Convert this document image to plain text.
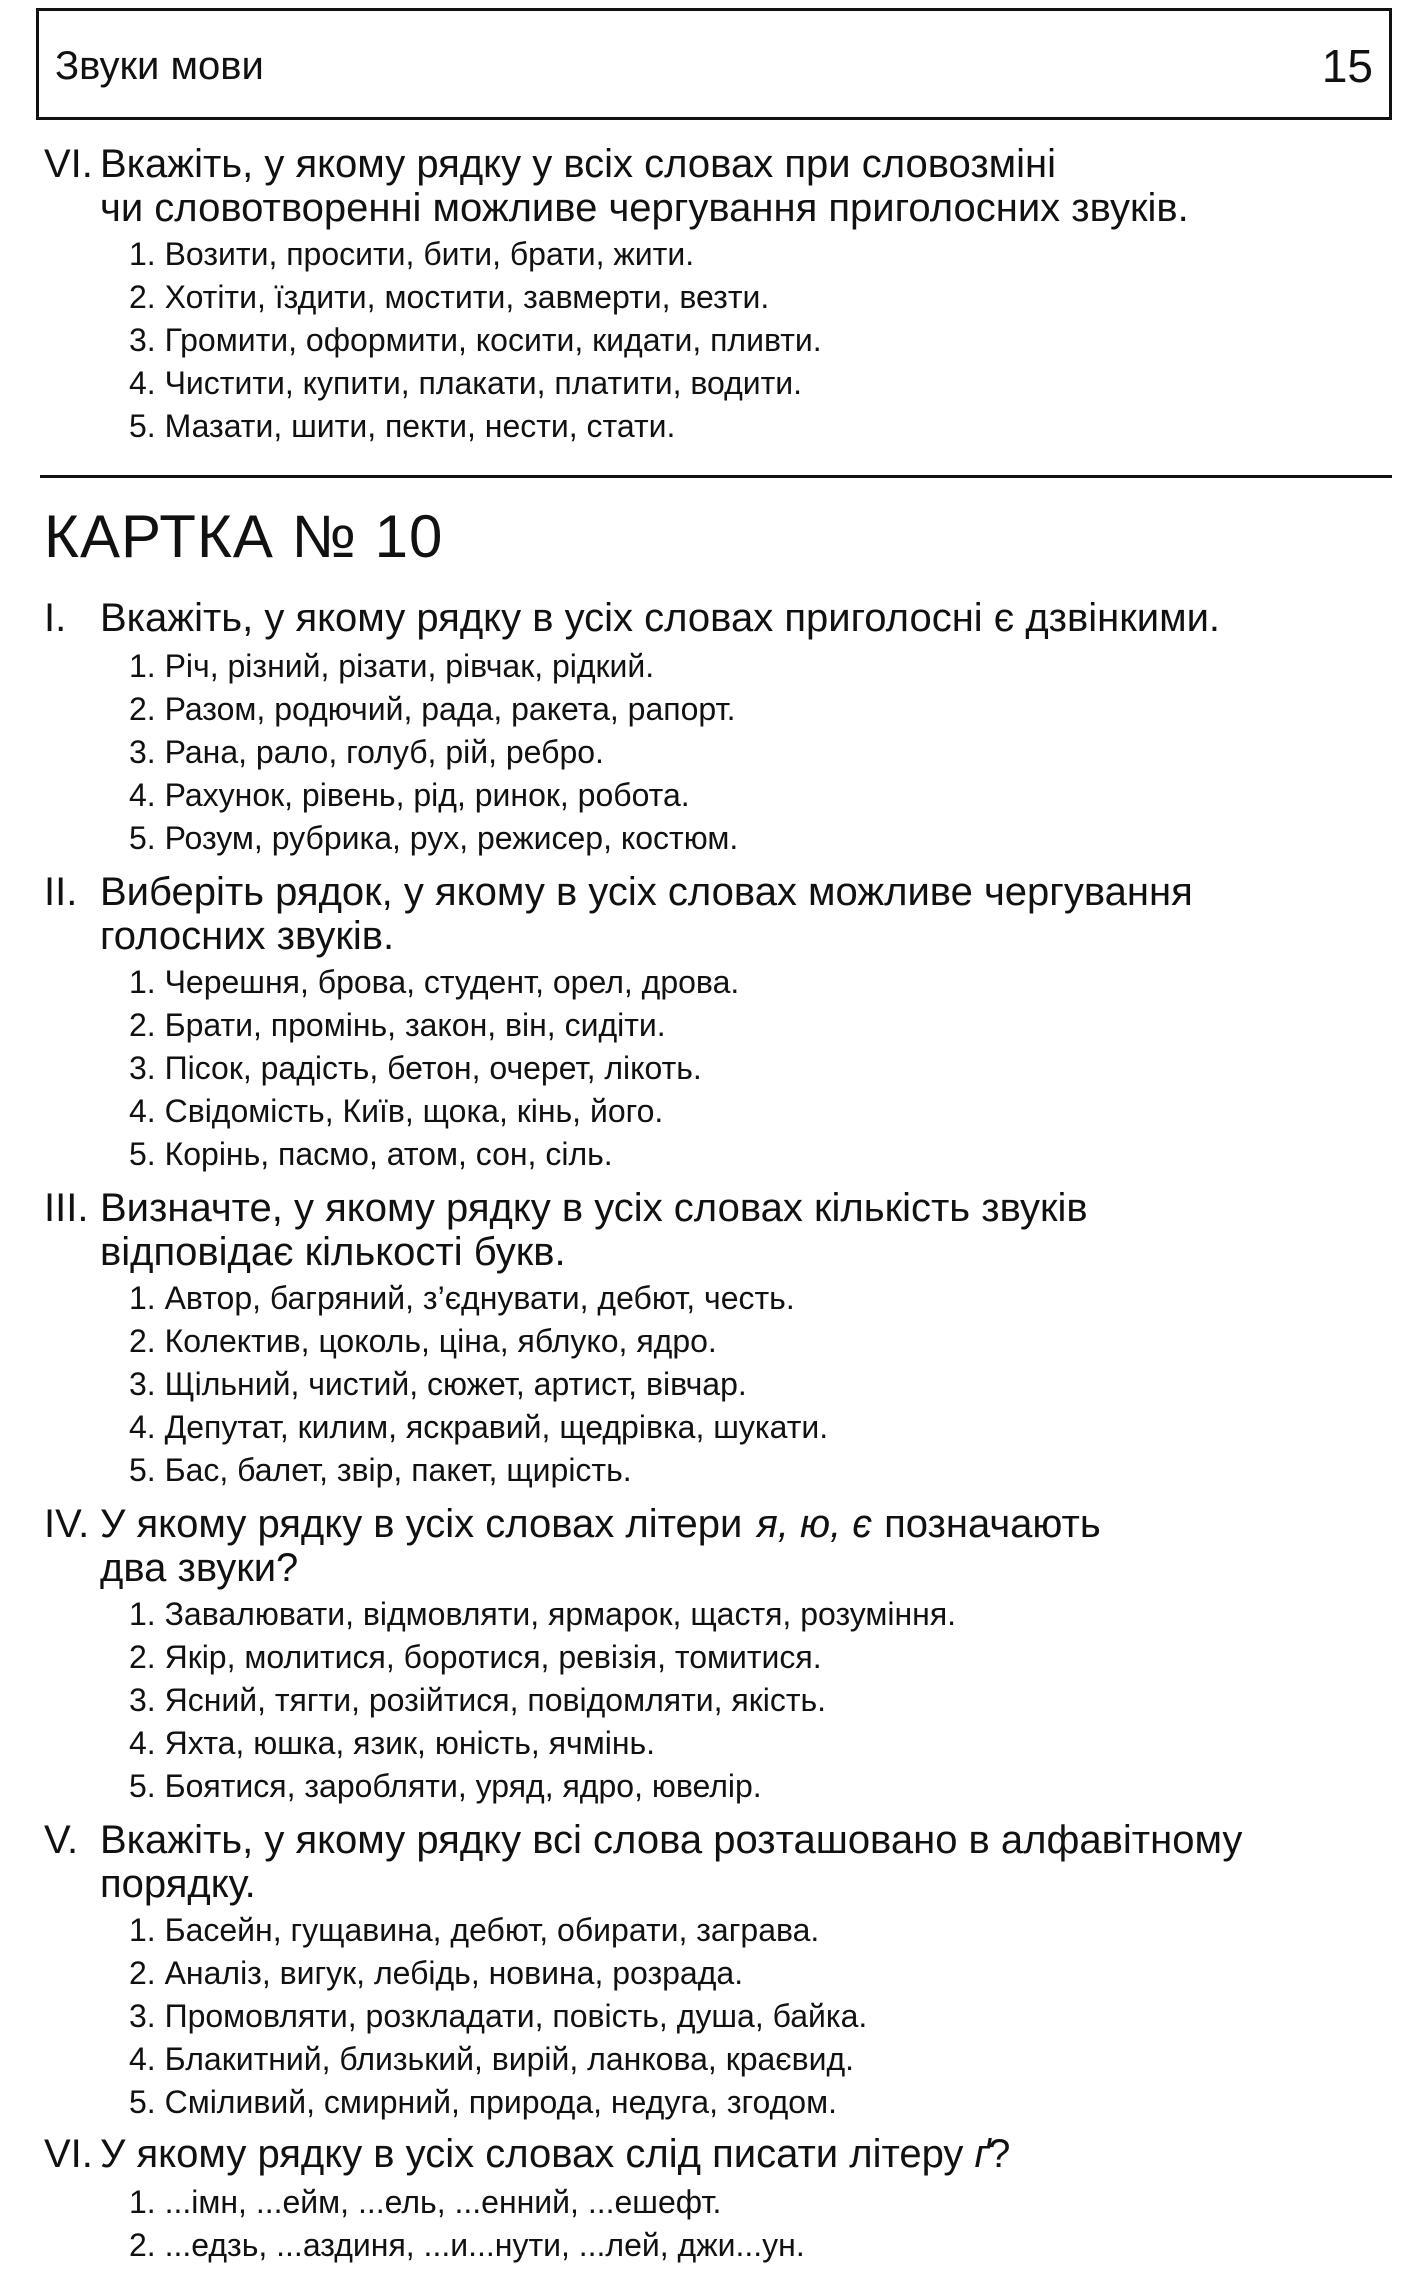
Звуки мови	15
VI. Вкажіть, у якому рядку у всіх словах при словозміні
чи словотворенні можливе чергування приголосних звуків.
1. Возити, просити, бити, брати, жити.
2. Хотіти, їздити, мостити, завмерти, везти.
3. Громити, оформити, косити, кидати, пливти.
4. Чистити, купити, плакати, платити, водити.
5. Мазати, шити, пекти, нести, стати.
КАРТКА № 10
I. Вкажіть, у якому рядку в усіх словах приголосні є дзвінкими.
1. Річ, різний, різати, рівчак, рідкий.
2. Разом, родючий, рада, ракета, рапорт.
3. Рана, рало, голуб, рій, ребро.
4. Рахунок, рівень, рід, ринок, робота.
5. Розум, рубрика, рух, режисер, костюм.
II. Виберіть рядок, у якому в усіх словах можливе чергування
голосних звуків.
1. Черешня, брова, студент, орел, дрова.
2. Брати, промінь, закон, він, сидіти.
3. Пісок, радість, бетон, очерет, лікоть.
4. Свідомість, Київ, щока, кінь, його.
5. Корінь, пасмо, атом, сон, сіль.
III. Визначте, у якому рядку в усіх словах кількість звуків
відповідає кількості букв.
1. Автор, багряний, з’єднувати, дебют, честь.
2. Колектив, цоколь, ціна, яблуко, ядро.
3. Щільний, чистий, сюжет, артист, вівчар.
4. Депутат, килим, яскравий, щедрівка, шукати.
5. Бас, балет, звір, пакет, щирість.
IV. У якому рядку в усіх словах літери я, ю, є позначають
два звуки?
1. Завалювати, відмовляти, ярмарок, щастя, розуміння.
2. Якір, молитися, боротися, ревізія, томитися.
3. Ясний, тягти, розійтися, повідомляти, якість.
4. Яхта, юшка, язик, юність, ячмінь.
5. Боятися, заробляти, уряд, ядро, ювелір.
V. Вкажіть, у якому рядку всі слова розташовано в алфавітному
порядку.
1. Басейн, гущавина, дебют, обирати, заграва.
2. Аналіз, вигук, лебідь, новина, розрада.
3. Промовляти, розкладати, повість, душа, байка.
4. Блакитний, близький, вирій, ланкова, краєвид.
5. Сміливий, смирний, природа, недуга, згодом.
VI. У якому рядку в усіх словах слід писати літеру ґ?
1. ...імн, ...ейм, ...ель, ...енний, ...ешефт.
2. ...едзь, ...аздиня, ...и...нути, ...лей, джи...ун.
